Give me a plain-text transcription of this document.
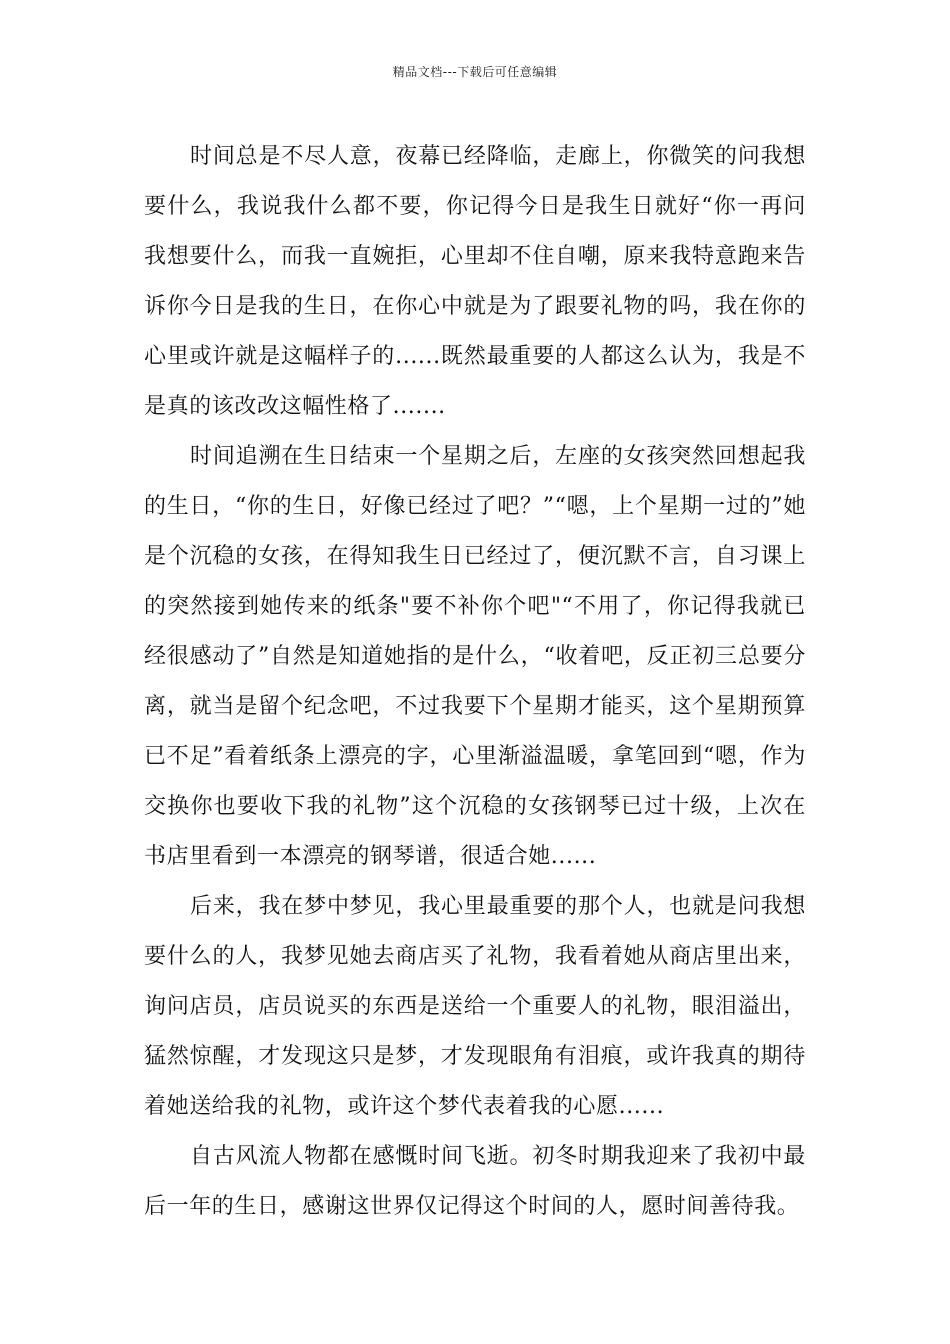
精品文档---下载后可任意编辑

时间总是不尽人意，夜幕已经降临，走廊上，你微笑的问我想要什么，我说我什么都不要，你记得今日是我生日就好“你一再问我想要什么，而我一直婉拒，心里却不住自嘲，原来我特意跑来告诉你今日是我的生日，在你心中就是为了跟要礼物的吗，我在你的心里或许就是这幅样子的......既然最重要的人都这么认为，我是不是真的该改改这幅性格了.......

时间追溯在生日结束一个星期之后，左座的女孩突然回想起我的生日，“你的生日，好像已经过了吧？”“嗯，上个星期一过的”她是个沉稳的女孩，在得知我生日已经过了，便沉默不言，自习课上的突然接到她传来的纸条"要不补你个吧"“不用了，你记得我就已经很感动了”自然是知道她指的是什么，“收着吧，反正初三总要分离，就当是留个纪念吧，不过我要下个星期才能买，这个星期预算已不足”看着纸条上漂亮的字，心里渐溢温暖，拿笔回到“嗯，作为交换你也要收下我的礼物”这个沉稳的女孩钢琴已过十级，上次在书店里看到一本漂亮的钢琴谱，很适合她......

后来，我在梦中梦见，我心里最重要的那个人，也就是问我想要什么的人，我梦见她去商店买了礼物，我看着她从商店里出来，询问店员，店员说买的东西是送给一个重要人的礼物，眼泪溢出，猛然惊醒，才发现这只是梦，才发现眼角有泪痕，或许我真的期待着她送给我的礼物，或许这个梦代表着我的心愿......

自古风流人物都在感慨时间飞逝。初冬时期我迎来了我初中最后一年的生日，感谢这世界仅记得这个时间的人，愿时间善待我。
